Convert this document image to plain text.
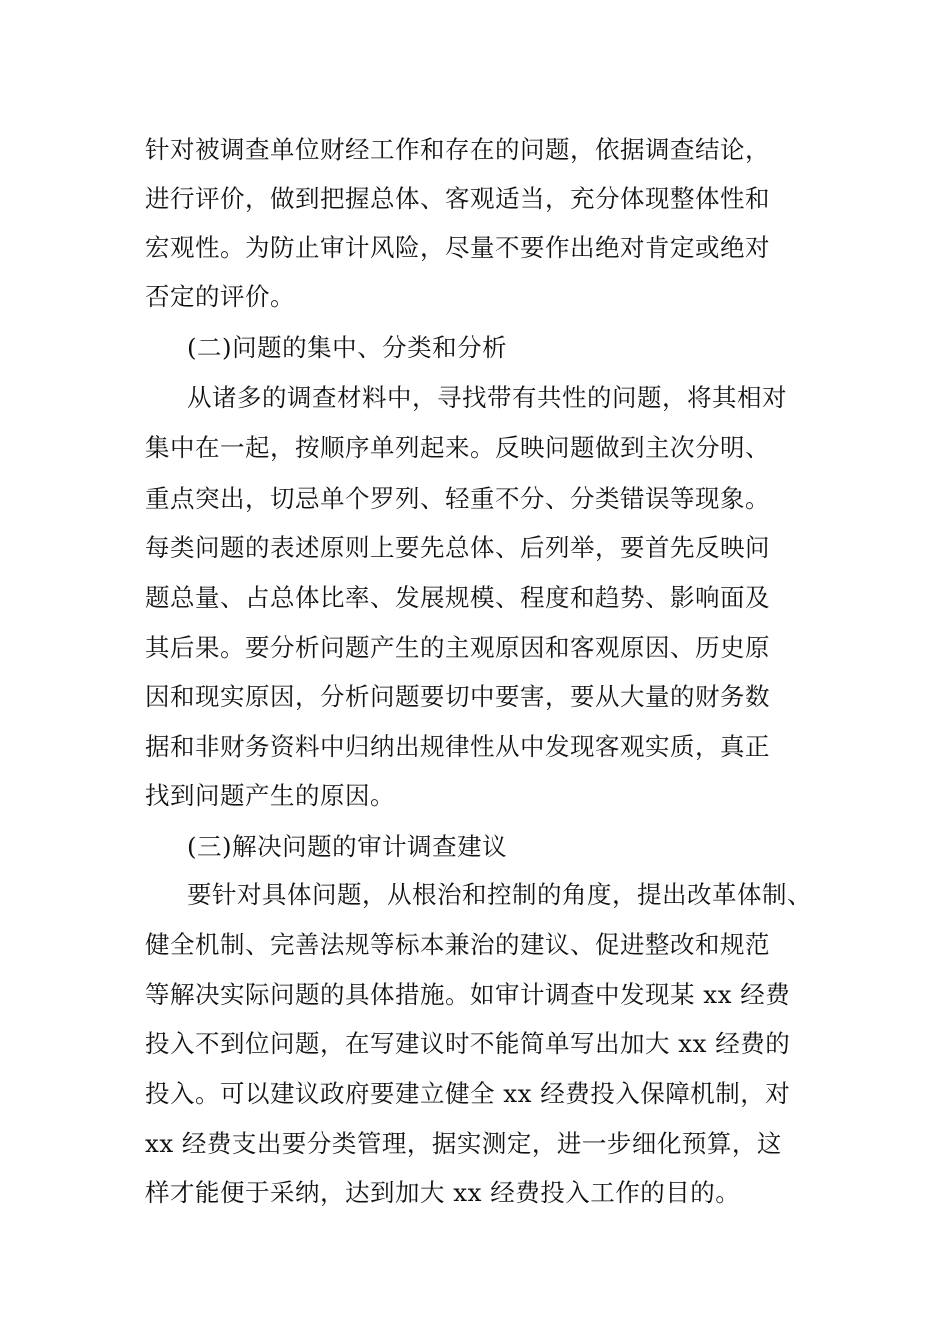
针对被调查单位财经工作和存在的问题，依据调查结论，
进行评价，做到把握总体、客观适当，充分体现整体性和
宏观性。为防止审计风险，尽量不要作出绝对肯定或绝对
否定的评价。
(二)问题的集中、分类和分析
从诸多的调查材料中，寻找带有共性的问题，将其相对
集中在一起，按顺序单列起来。反映问题做到主次分明、
重点突出，切忌单个罗列、轻重不分、分类错误等现象。
每类问题的表述原则上要先总体、后列举，要首先反映问
题总量、占总体比率、发展规模、程度和趋势、影响面及
其后果。要分析问题产生的主观原因和客观原因、历史原
因和现实原因，分析问题要切中要害，要从大量的财务数
据和非财务资料中归纳出规律性从中发现客观实质，真正
找到问题产生的原因。
(三)解决问题的审计调查建议
要针对具体问题，从根治和控制的角度，提出改革体制、
健全机制、完善法规等标本兼治的建议、促进整改和规范
等解决实际问题的具体措施。如审计调查中发现某 xx 经费
投入不到位问题，在写建议时不能简单写出加大 xx 经费的
投入。可以建议政府要建立健全 xx 经费投入保障机制，对
xx 经费支出要分类管理，据实测定，进一步细化预算，这
样才能便于采纳，达到加大 xx 经费投入工作的目的。
